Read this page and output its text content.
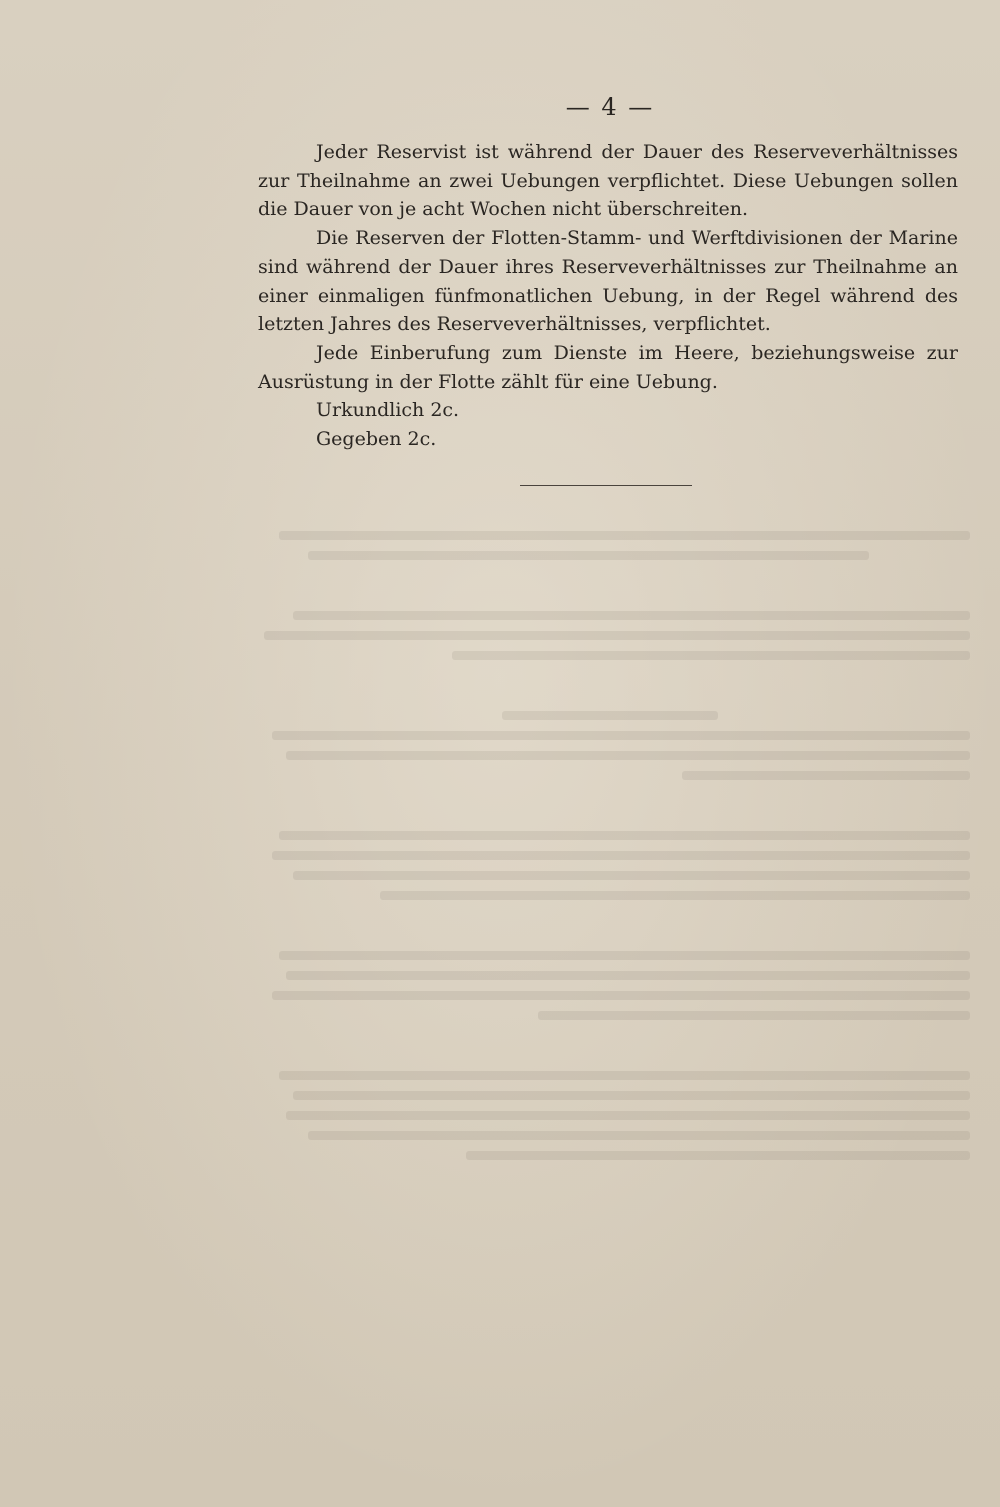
— 4 —

Jeder Reservist ist während der Dauer des Reserveverhältnisses zur Theilnahme an zwei Uebungen verpflichtet. Diese Uebungen sollen die Dauer von je acht Wochen nicht überschreiten.

Die Reserven der Flotten-Stamm- und Werftdivisionen der Marine sind während der Dauer ihres Reserveverhältnisses zur Theilnahme an einer einmaligen fünfmonatlichen Uebung, in der Regel während des letzten Jahres des Reserveverhältnisses, verpflichtet.

Jede Einberufung zum Dienste im Heere, beziehungsweise zur Ausrüstung in der Flotte zählt für eine Uebung.

Urkundlich 2c.

Gegeben 2c.
